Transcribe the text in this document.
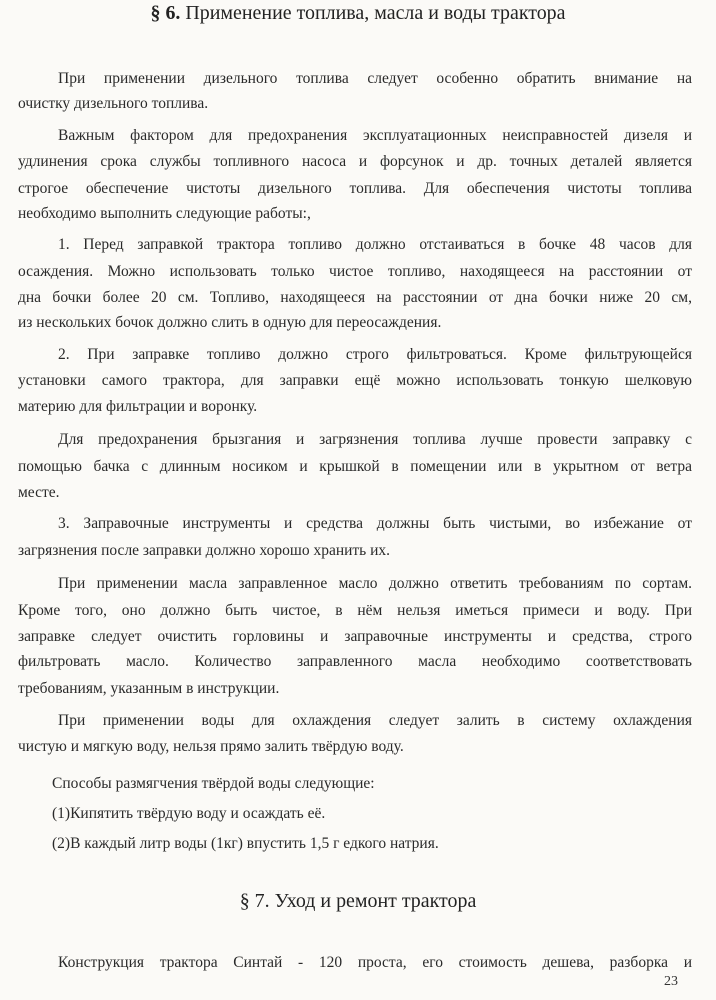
§ 6. Применение топлива, масла и воды трактора
При применении дизельного топлива следует особенно обратить внимание на
очистку дизельного топлива.
Важным фактором для предохранения эксплуатационных неисправностей дизеля и
удлинения срока службы топливного насоса и форсунок и др. точных деталей является
строгое обеспечение чистоты дизельного топлива. Для обеспечения чистоты топлива
необходимо выполнить следующие работы:,
1. Перед заправкой трактора топливо должно отстаиваться в бочке 48 часов для
осаждения. Можно использовать только чистое топливо, находящееся на расстоянии от
дна бочки более 20 см. Топливо, находящееся на расстоянии от дна бочки ниже 20 см,
из нескольких бочок должно слить в одную для переосаждения.
2. При заправке топливо должно строго фильтроваться. Кроме фильтрующейся
установки самого трактора, для заправки ещё можно использовать тонкую шелковую
материю для фильтрации и воронку.
Для предохранения брызгания и загрязнения топлива лучше провести заправку с
помощью бачка с длинным носиком и крышкой в помещении или в укрытном от ветра
месте.
3. Заправочные инструменты и средства должны быть чистыми, во избежание от
загрязнения после заправки должно хорошо хранить их.
При применении масла заправленное масло должно ответить требованиям по сортам.
Кроме того, оно должно быть чистое, в нём нельзя иметься примеси и воду. При
заправке следует очистить горловины и заправочные инструменты и средства, строго
фильтровать масло. Количество заправленного масла необходимо соответствовать
требованиям, указанным в инструкции.
При применении воды для охлаждения следует залить в систему охлаждения
чистую и мягкую воду, нельзя прямо залить твёрдую воду.
Способы размягчения твёрдой воды следующие:
(1)Кипятить твёрдую воду и осаждать её.
(2)В каждый литр воды (1кг) впустить 1,5 г едкого натрия.
§ 7. Уход и ремонт трактора
Конструкция трактора Синтай - 120 проста, его стоимость дешева, разборка и
23
